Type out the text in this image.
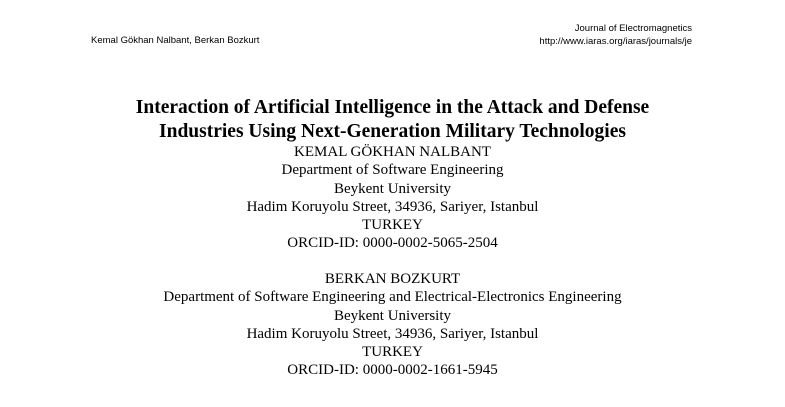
Kemal Gökhan Nalbant, Berkan Bozkurt
Journal of Electromagnetics
http://www.iaras.org/iaras/journals/je
Interaction of Artificial Intelligence in the Attack and Defense
Industries Using Next-Generation Military Technologies
KEMAL GÖKHAN NALBANT
Department of Software Engineering
Beykent University
Hadim Koruyolu Street, 34936, Sariyer, Istanbul
TURKEY
ORCID-ID: 0000-0002-5065-2504
BERKAN BOZKURT
Department of Software Engineering and Electrical-Electronics Engineering
Beykent University
Hadim Koruyolu Street, 34936, Sariyer, Istanbul
TURKEY
ORCID-ID: 0000-0002-1661-5945
